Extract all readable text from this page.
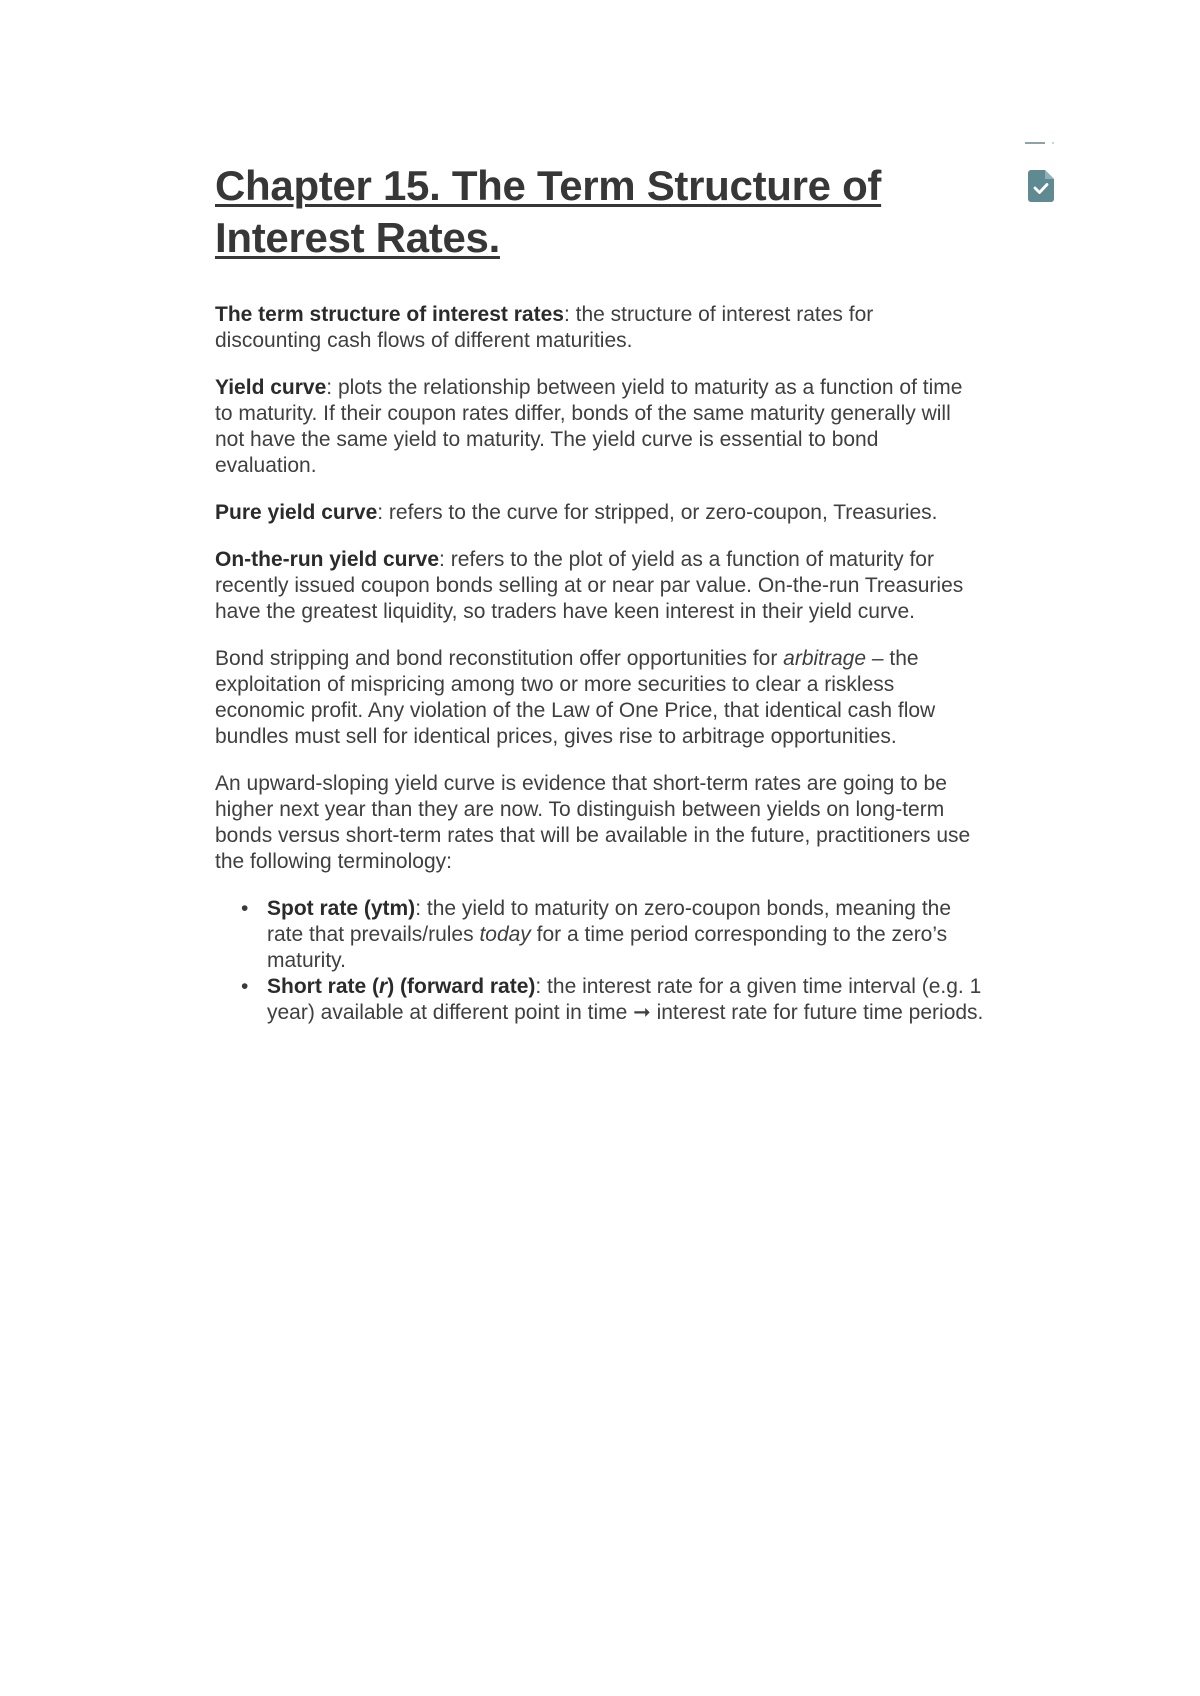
Chapter 15. The Term Structure of Interest Rates.

The term structure of interest rates: the structure of interest rates for discounting cash flows of different maturities.

Yield curve: plots the relationship between yield to maturity as a function of time to maturity. If their coupon rates differ, bonds of the same maturity generally will not have the same yield to maturity. The yield curve is essential to bond evaluation.

Pure yield curve: refers to the curve for stripped, or zero-coupon, Treasuries.

On-the-run yield curve: refers to the plot of yield as a function of maturity for recently issued coupon bonds selling at or near par value. On-the-run Treasuries have the greatest liquidity, so traders have keen interest in their yield curve.

Bond stripping and bond reconstitution offer opportunities for arbitrage – the exploitation of mispricing among two or more securities to clear a riskless economic profit. Any violation of the Law of One Price, that identical cash flow bundles must sell for identical prices, gives rise to arbitrage opportunities.

An upward-sloping yield curve is evidence that short-term rates are going to be higher next year than they are now. To distinguish between yields on long-term bonds versus short-term rates that will be available in the future, practitioners use the following terminology:

• Spot rate (ytm): the yield to maturity on zero-coupon bonds, meaning the rate that prevails/rules today for a time period corresponding to the zero’s maturity.
• Short rate (r) (forward rate): the interest rate for a given time interval (e.g. 1 year) available at different point in time ➞ interest rate for future time periods.
